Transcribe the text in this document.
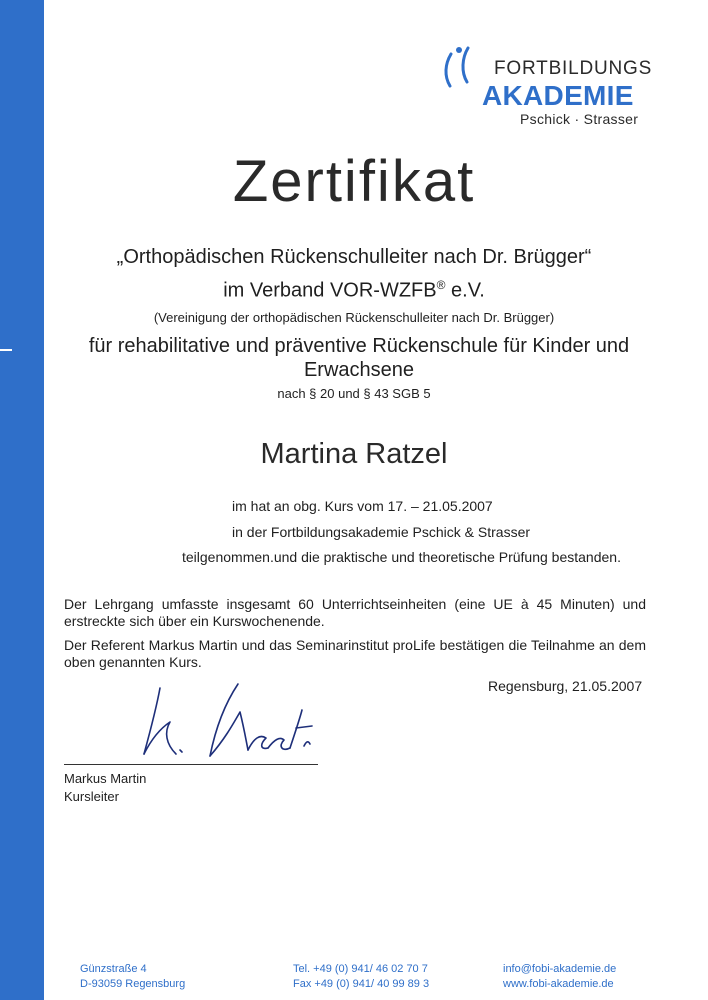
FORTBILDUNGS
AKADEMIE
Pschick · Strasser
Zertifikat
„Orthopädischen Rückenschulleiter nach Dr. Brügger“
im Verband VOR-WZFB® e.V.
(Vereinigung der orthopädischen Rückenschulleiter nach Dr. Brügger)
für rehabilitative und präventive Rückenschule für Kinder und Erwachsene
nach § 20 und § 43 SGB 5
Martina Ratzel
im hat an obg. Kurs vom 17. – 21.05.2007
in der Fortbildungsakademie Pschick & Strasser
teilgenommen.und die praktische und theoretische Prüfung bestanden.
Der Lehrgang umfasste insgesamt 60 Unterrichtseinheiten (eine UE à 45 Minuten) und erstreckte sich über ein Kurswochenende.
Der Referent Markus Martin und das Seminarinstitut proLife bestätigen die Teilnahme an dem oben genannten Kurs.
Regensburg, 21.05.2007
Markus Martin
Kursleiter
Günzstraße 4
D-93059 Regensburg
Tel. +49 (0) 941/ 46 02 70 7
Fax +49 (0) 941/ 40 99 89 3
info@fobi-akademie.de
www.fobi-akademie.de
